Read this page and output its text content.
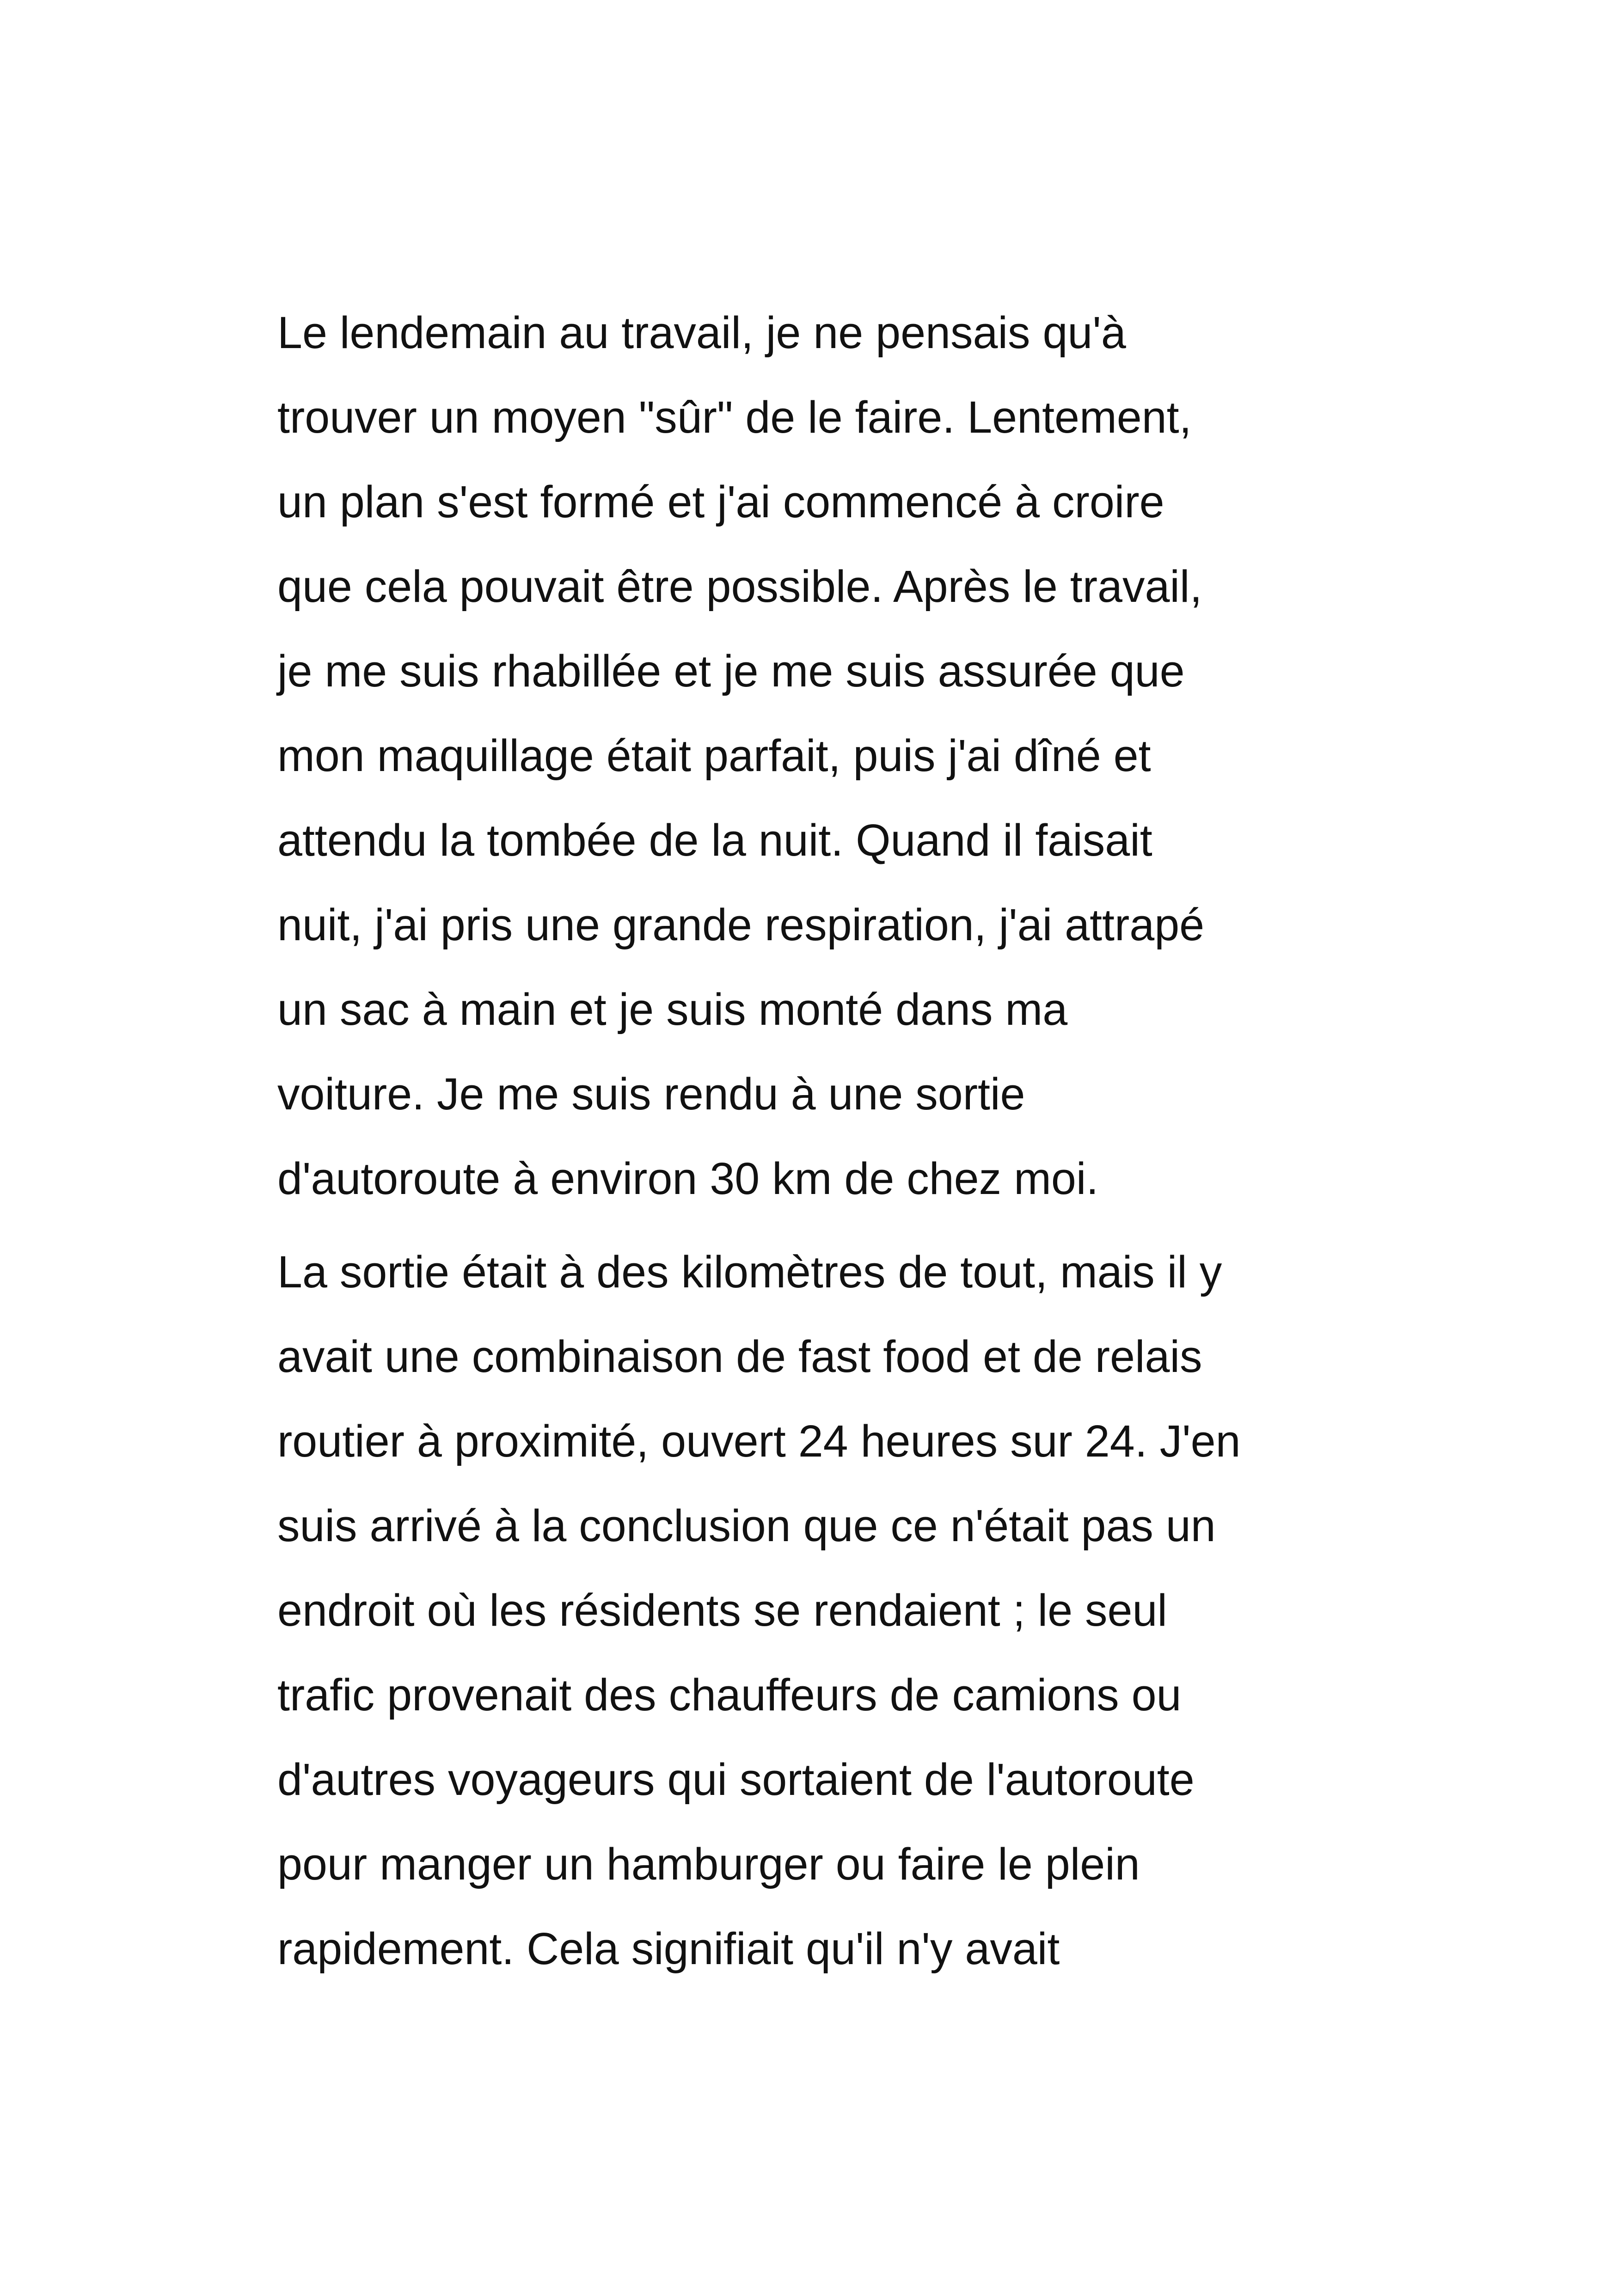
Le lendemain au travail, je ne pensais qu'à
trouver un moyen "sûr" de le faire. Lentement,
un plan s'est formé et j'ai commencé à croire
que cela pouvait être possible. Après le travail,
je me suis rhabillée et je me suis assurée que
mon maquillage était parfait, puis j'ai dîné et
attendu la tombée de la nuit. Quand il faisait
nuit, j'ai pris une grande respiration, j'ai attrapé
un sac à main et je suis monté dans ma
voiture. Je me suis rendu à une sortie
d'autoroute à environ 30 km de chez moi.
La sortie était à des kilomètres de tout, mais il y
avait une combinaison de fast food et de relais
routier à proximité, ouvert 24 heures sur 24. J'en
suis arrivé à la conclusion que ce n'était pas un
endroit où les résidents se rendaient ; le seul
trafic provenait des chauffeurs de camions ou
d'autres voyageurs qui sortaient de l'autoroute
pour manger un hamburger ou faire le plein
rapidement. Cela signifiait qu'il n'y avait
